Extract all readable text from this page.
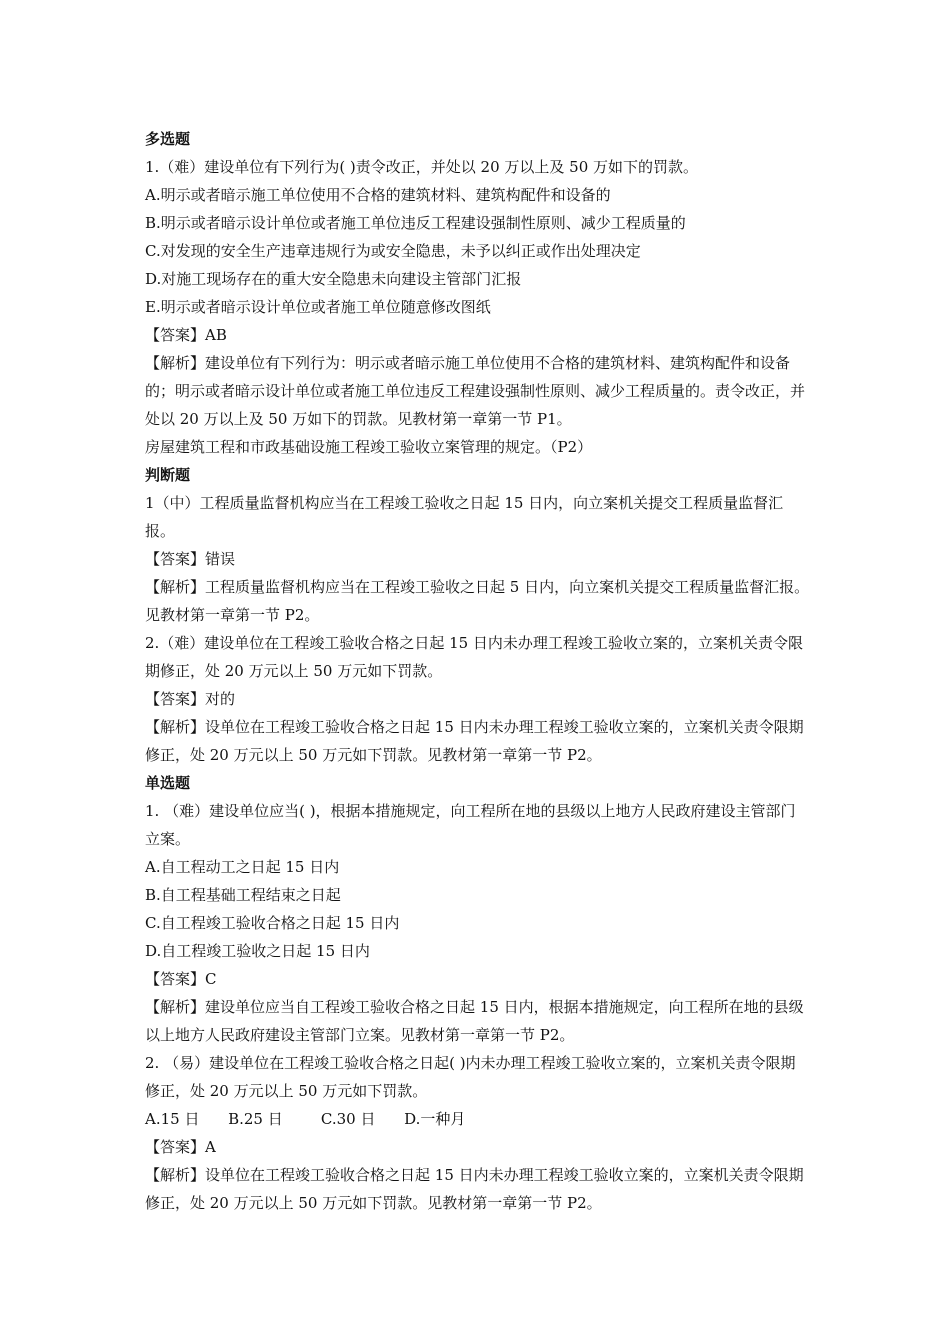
多选题
1.（难）建设单位有下列行为( )责令改正，并处以 20 万以上及 50 万如下的罚款。
A.明示或者暗示施工单位使用不合格的建筑材料、建筑构配件和设备的
B.明示或者暗示设计单位或者施工单位违反工程建设强制性原则、减少工程质量的
C.对发现的安全生产违章违规行为或安全隐患，未予以纠正或作出处理决定
D.对施工现场存在的重大安全隐患未向建设主管部门汇报
E.明示或者暗示设计单位或者施工单位随意修改图纸
【答案】AB
【解析】建设单位有下列行为：明示或者暗示施工单位使用不合格的建筑材料、建筑构配件和设备的；明示或者暗示设计单位或者施工单位违反工程建设强制性原则、减少工程质量的。责令改正，并处以 20 万以上及 50 万如下的罚款。见教材第一章第一节 P1。
房屋建筑工程和市政基础设施工程竣工验收立案管理的规定。（P2）
判断题
1（中）工程质量监督机构应当在工程竣工验收之日起 15 日内，向立案机关提交工程质量监督汇报。
【答案】错误
【解析】工程质量监督机构应当在工程竣工验收之日起 5 日内，向立案机关提交工程质量监督汇报。见教材第一章第一节 P2。
2.（难）建设单位在工程竣工验收合格之日起 15 日内未办理工程竣工验收立案的，立案机关责令限期修正，处 20 万元以上 50 万元如下罚款。
【答案】对的
【解析】设单位在工程竣工验收合格之日起 15 日内未办理工程竣工验收立案的，立案机关责令限期修正，处 20 万元以上 50 万元如下罚款。见教材第一章第一节 P2。
单选题
1. （难）建设单位应当( )，根据本措施规定，向工程所在地的县级以上地方人民政府建设主管部门立案。
A.自工程动工之日起 15 日内
B.自工程基础工程结束之日起
C.自工程竣工验收合格之日起 15 日内
D.自工程竣工验收之日起 15 日内
【答案】C
【解析】建设单位应当自工程竣工验收合格之日起 15 日内，根据本措施规定，向工程所在地的县级以上地方人民政府建设主管部门立案。见教材第一章第一节 P2。
2. （易）建设单位在工程竣工验收合格之日起( )内未办理工程竣工验收立案的，立案机关责令限期修正，处 20 万元以上 50 万元如下罚款。
A.15 日 B.25 日	C.30 日 D.一种月
【答案】A
【解析】设单位在工程竣工验收合格之日起 15 日内未办理工程竣工验收立案的，立案机关责令限期修正，处 20 万元以上 50 万元如下罚款。见教材第一章第一节 P2。
